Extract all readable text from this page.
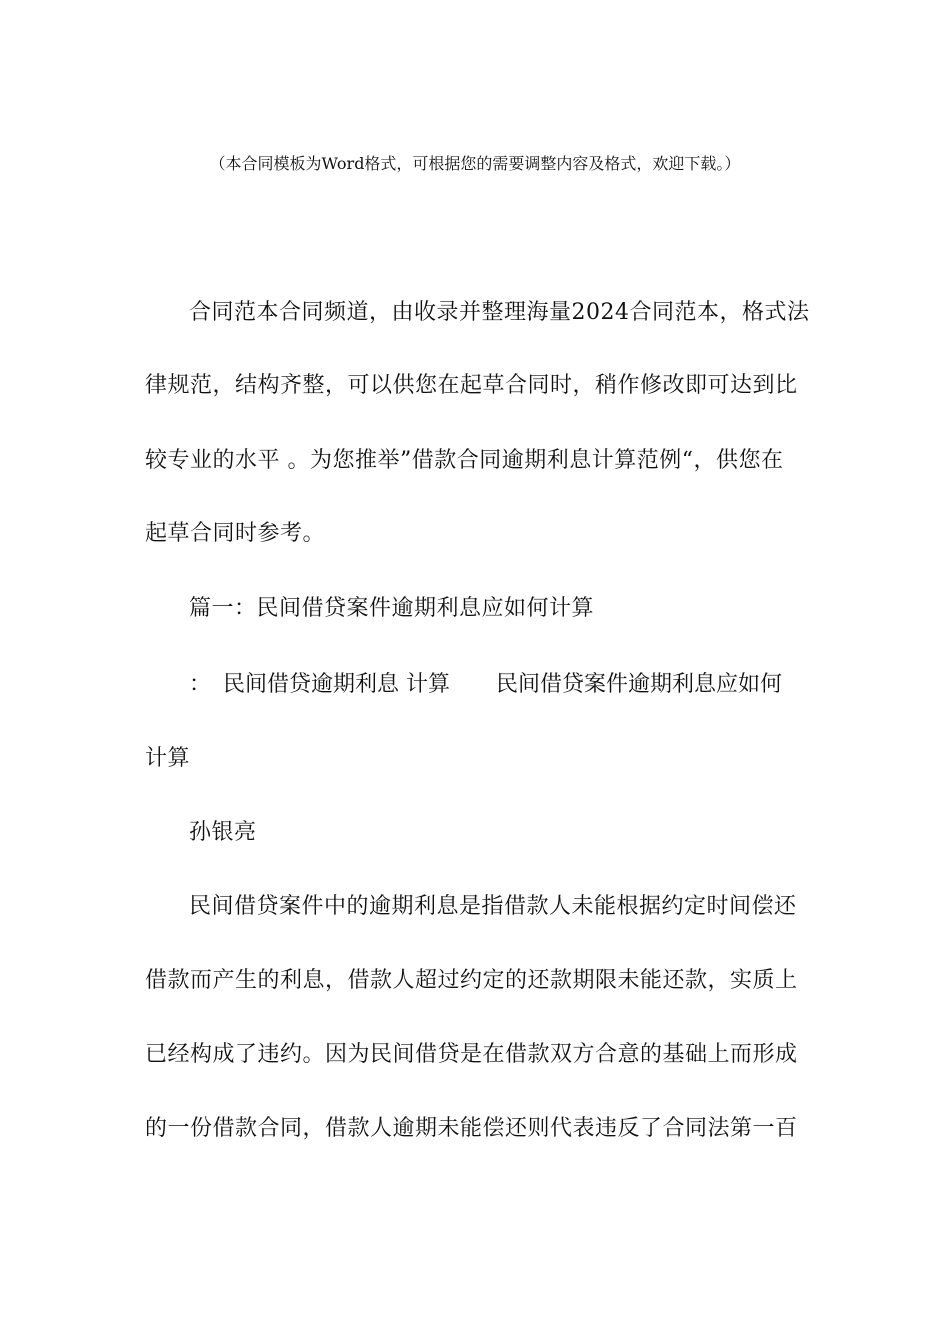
（本合同模板为Word格式，可根据您的需要调整内容及格式，欢迎下载。）
合同范本合同频道，由收录并整理海量2024合同范本，格式法
律规范，结构齐整，可以供您在起草合同时，稍作修改即可达到比
较专业的水平 。为您推举”借款合同逾期利息计算范例“，供您在
起草合同时参考。
篇一：民间借贷案件逾期利息应如何计算
： 民间借贷逾期利息 计算 民间借贷案件逾期利息应如何
计算
孙银亮
民间借贷案件中的逾期利息是指借款人未能根据约定时间偿还
借款而产生的利息，借款人超过约定的还款期限未能还款，实质上
已经构成了违约。因为民间借贷是在借款双方合意的基础上而形成
的一份借款合同，借款人逾期未能偿还则代表违反了合同法第一百
